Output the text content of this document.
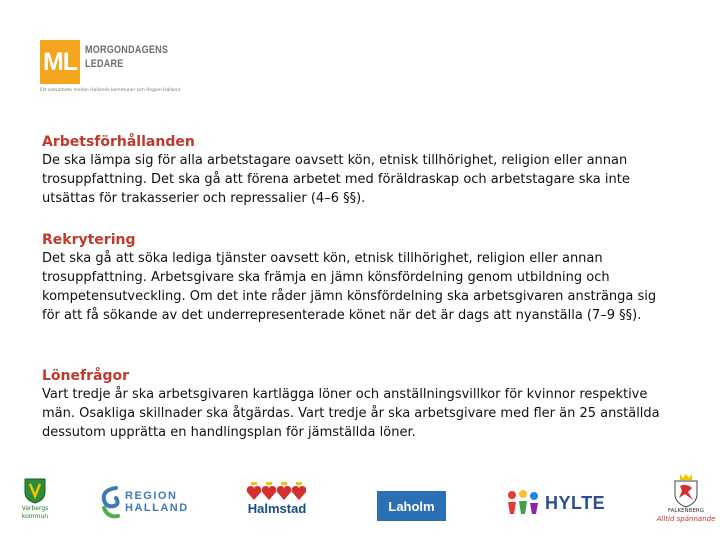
ML MORGONDAGENS
LEDARE
Ett samarbete mellan Hallands kommuner och Region Halland
Arbetsförhållanden

De ska lämpa sig för alla arbetstagare oavsett kön, etnisk tillhörighet, religion eller annan trosuppfattning. Det ska gå att förena arbetet med föräldraskap och arbetstagare ska inte utsättas för trakasserier och repressalier (4–6 §§).

Rekrytering

Det ska gå att söka lediga tjänster oavsett kön, etnisk tillhörighet, religion eller annan trosuppfattning. Arbetsgivare ska främja en jämn könsfördelning genom utbildning och kompetensutveckling. Om det inte råder jämn könsfördelning ska arbetsgivaren anstränga sig för att få sökande av det underrepresenterade könet när det är dags att nyanställa (7–9 §§).

Lönefrågor

Vart tredje år ska arbetsgivaren kartlägga löner och anställningsvillkor för kvinnor respektive män. Osakliga skillnader ska åtgärdas. Vart tredje år ska arbetsgivare med fler än 25 anställda dessutom upprätta en handlingsplan för jämställda löner.

Varbergs
kommun
REGION
HALLAND	Halmstad	Laholm	HYLTE	FALKENBERG
Alltid spännande
